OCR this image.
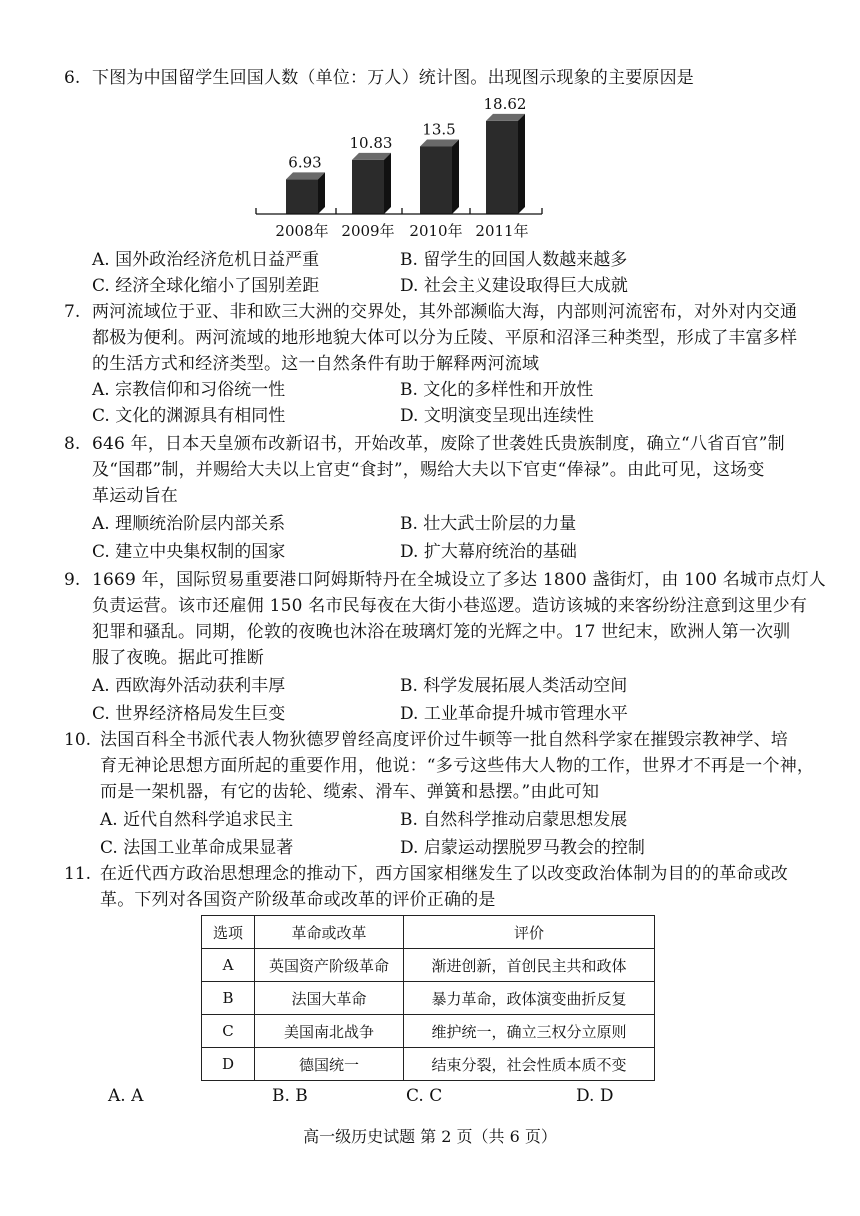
6. 下图为中国留学生回国人数（单位：万人）统计图。出现图示现象的主要原因是
6.93
10.83
13.5
18.62
2008年 2009年 2010年 2011年
A. 国外政治经济危机日益严重	B. 留学生的回国人数越来越多
C. 经济全球化缩小了国别差距	D. 社会主义建设取得巨大成就
7. 两河流域位于亚、非和欧三大洲的交界处，其外部濒临大海，内部则河流密布，对外对内交通
都极为便利。两河流域的地形地貌大体可以分为丘陵、平原和沼泽三种类型，形成了丰富多样
的生活方式和经济类型。这一自然条件有助于解释两河流域
A. 宗教信仰和习俗统一性	B. 文化的多样性和开放性
C. 文化的渊源具有相同性	D. 文明演变呈现出连续性
8. 646 年，日本天皇颁布改新诏书，开始改革，废除了世袭姓氏贵族制度，确立“八省百官”制
及“国郡”制，并赐给大夫以上官吏“食封”，赐给大夫以下官吏“俸禄”。由此可见，这场变
革运动旨在
A. 理顺统治阶层内部关系	B. 壮大武士阶层的力量
C. 建立中央集权制的国家	D. 扩大幕府统治的基础
9. 1669 年，国际贸易重要港口阿姆斯特丹在全城设立了多达 1800 盏街灯，由 100 名城市点灯人
负责运营。该市还雇佣 150 名市民每夜在大街小巷巡逻。造访该城的来客纷纷注意到这里少有
犯罪和骚乱。同期，伦敦的夜晚也沐浴在玻璃灯笼的光辉之中。17 世纪末，欧洲人第一次驯
服了夜晚。据此可推断
A. 西欧海外活动获利丰厚	B. 科学发展拓展人类活动空间
C. 世界经济格局发生巨变	D. 工业革命提升城市管理水平
10. 法国百科全书派代表人物狄德罗曾经高度评价过牛顿等一批自然科学家在摧毁宗教神学、培
育无神论思想方面所起的重要作用，他说：“多亏这些伟大人物的工作，世界才不再是一个神，
而是一架机器，有它的齿轮、缆索、滑车、弹簧和悬摆。”由此可知
A. 近代自然科学追求民主	B. 自然科学推动启蒙思想发展
C. 法国工业革命成果显著	D. 启蒙运动摆脱罗马教会的控制
11. 在近代西方政治思想理念的推动下，西方国家相继发生了以改变政治体制为目的的革命或改
革。下列对各国资产阶级革命或改革的评价正确的是
选项	革命或改革	评价
A	英国资产阶级革命	渐进创新，首创民主共和政体
B	法国大革命	暴力革命，政体演变曲折反复
C	美国南北战争	维护统一，确立三权分立原则
D	德国统一	结束分裂，社会性质本质不变
A. A	B. B	C. C	D. D
高一级历史试题 第 2 页（共 6 页）
